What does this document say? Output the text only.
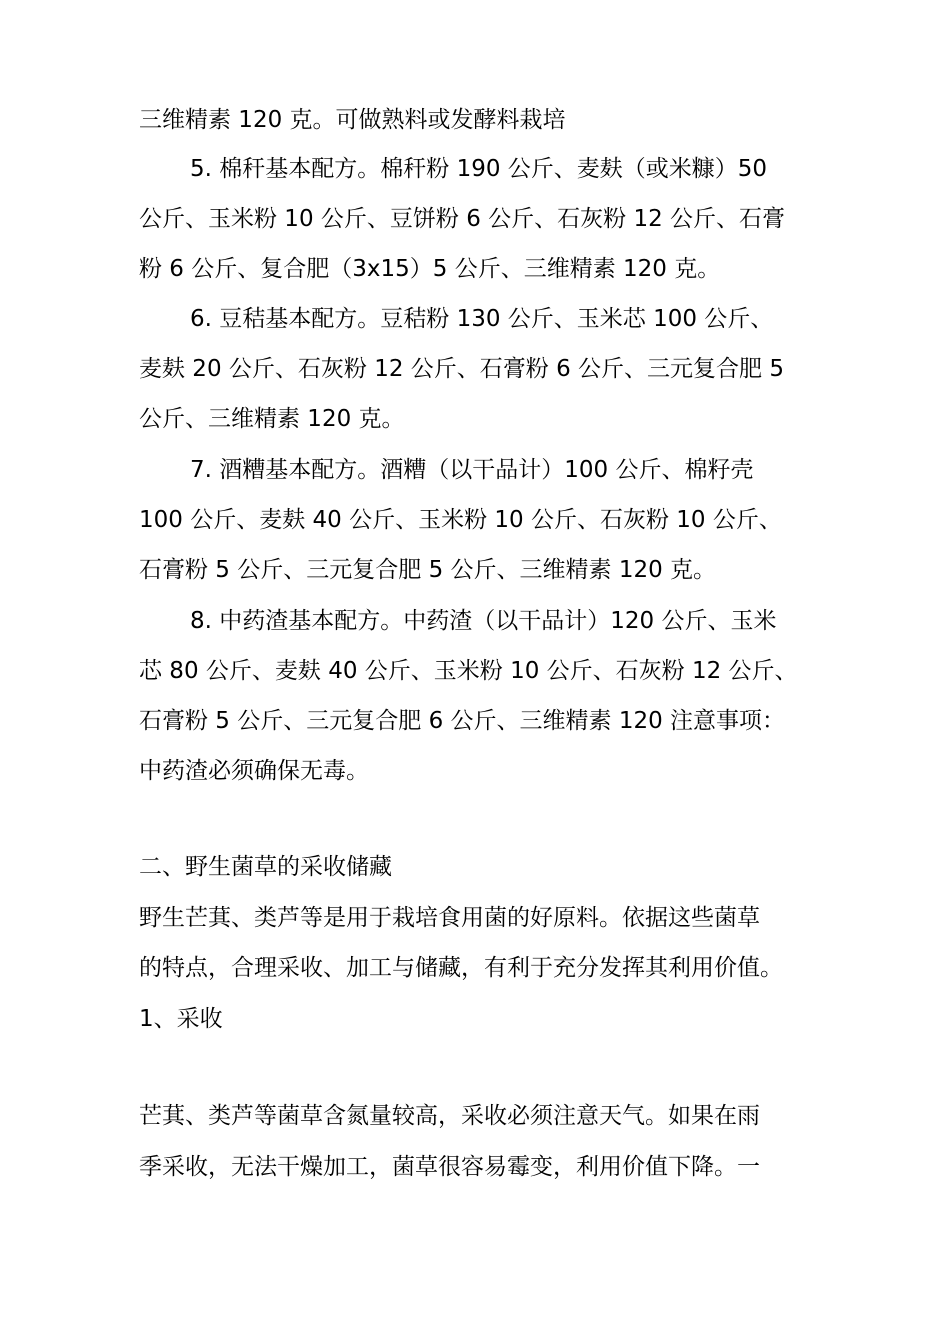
三维精素 120 克。可做熟料或发酵料栽培

5. 棉秆基本配方。棉秆粉 190 公斤、麦麸（或米糠）50

公斤、玉米粉 10 公斤、豆饼粉 6 公斤、石灰粉 12 公斤、石膏

粉 6 公斤、复合肥（3x15）5 公斤、三维精素 120 克。

6. 豆秸基本配方。豆秸粉 130 公斤、玉米芯 100 公斤、

麦麸 20 公斤、石灰粉 12 公斤、石膏粉 6 公斤、三元复合肥 5

公斤、三维精素 120 克。

7. 酒糟基本配方。酒糟（以干品计）100 公斤、棉籽壳

100 公斤、麦麸 40 公斤、玉米粉 10 公斤、石灰粉 10 公斤、

石膏粉 5 公斤、三元复合肥 5 公斤、三维精素 120 克。

8. 中药渣基本配方。中药渣（以干品计）120 公斤、玉米

芯 80 公斤、麦麸 40 公斤、玉米粉 10 公斤、石灰粉 12 公斤、

石膏粉 5 公斤、三元复合肥 6 公斤、三维精素 120 注意事项：

中药渣必须确保无毒。

二、野生菌草的采收储藏

野生芒萁、类芦等是用于栽培食用菌的好原料。依据这些菌草

的特点，合理采收、加工与储藏，有利于充分发挥其利用价值。

1、采收

芒萁、类芦等菌草含氮量较高，采收必须注意天气。如果在雨

季采收，无法干燥加工，菌草很容易霉变，利用价值下降。一
